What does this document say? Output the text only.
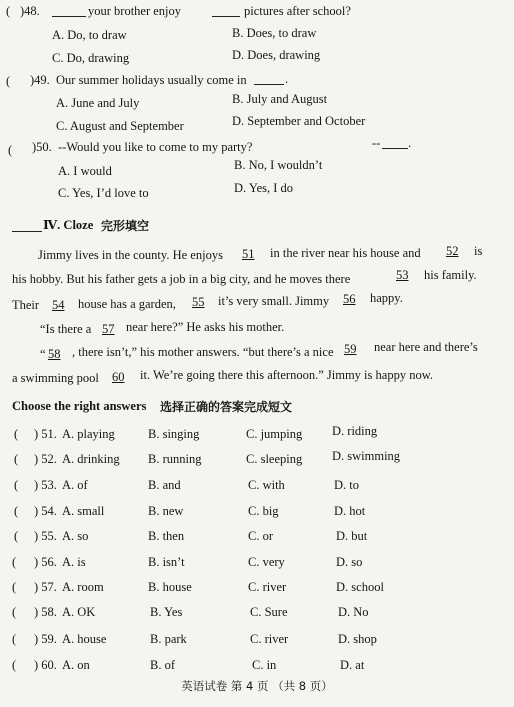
( )48.	your brother enjoy	pictures after school?
A. Do, to draw	B. Does, to draw
C. Do, drawing	D. Does, drawing
( )49. Our summer holidays usually come in	.
A. June and July	B. July and August
C. August and September	D. September and October
( )50. --Would you like to come to my party?	-- .
A. I would	B. No, I wouldn’t
C. Yes, I’d love to	D. Yes, I do
Ⅳ. Cloze 完形填空
Jimmy lives in the county. He enjoys 51 in the river near his house and 52 is
his hobby. But his father gets a job in a big city, and he moves there	53 his family.
Their 54 house has a garden, 55 it’s very small. Jimmy 56 happy.
“Is there a 57 near here?” He asks his mother.
“ 58 , there isn’t,” his mother answers. “but there’s a nice 59 near here and there’s
a swimming pool 60 it. We’re going there this afternoon.” Jimmy is happy now.
Choose the right answers 选择正确的答案完成短文
( ) 51. A. playing	B. singing	C. jumping D. riding
( ) 52. A. drinking B. running	C. sleeping D. swimming
( ) 53. A. of	B. and	C. with	D. to
( ) 54. A. small	B. new	C. big	D. hot
( ) 55. A. so	B. then	C. or	D. but
( ) 56. A. is	B. isn’t	C. very	D. so
( ) 57. A. room	B. house	C. river	D. school
( ) 58. A. OK	B. Yes	C. Sure	D. No
( ) 59. A. house	B. park	C. river	D. shop
( ) 60. A. on	B. of	C. in	D. at
英语试卷 第 4 页 （共 8 页）
